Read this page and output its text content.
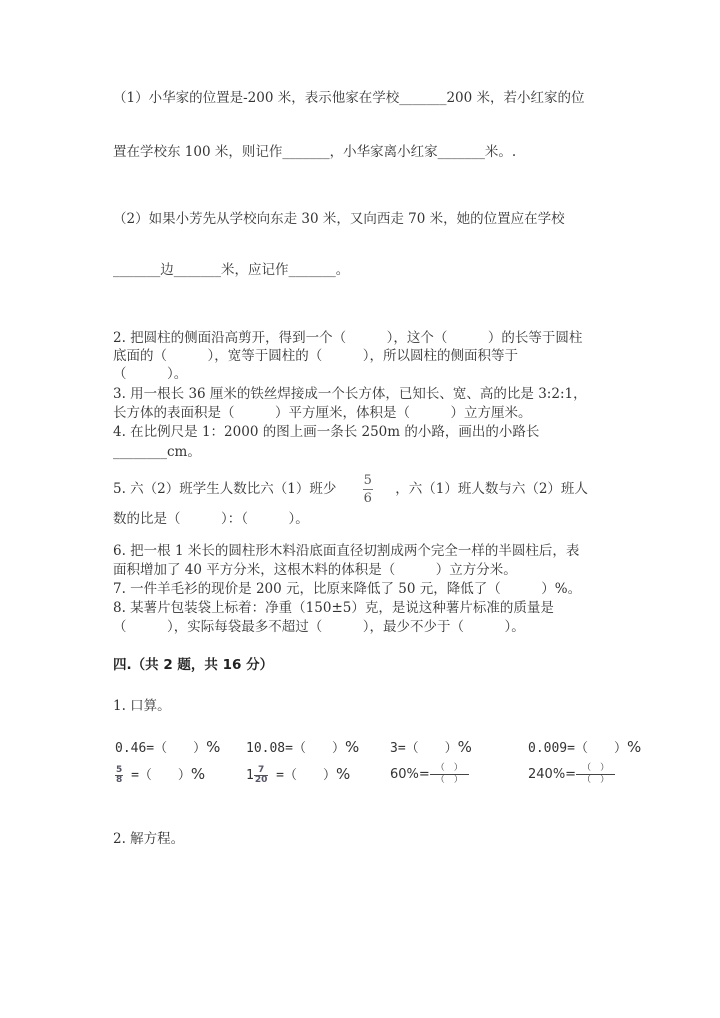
（1）小华家的位置是-200 米，表示他家在学校_______200 米，若小红家的位
置在学校东 100 米，则记作_______，小华家离小红家_______米。.
（2）如果小芳先从学校向东走 30 米，又向西走 70 米，她的位置应在学校
_______边_______米，应记作_______。
2. 把圆柱的侧面沿高剪开，得到一个（　　　），这个（　　　）的长等于圆柱
底面的（　　　），宽等于圆柱的（　　　），所以圆柱的侧面积等于
（　　　）。
3. 用一根长 36 厘米的铁丝焊接成一个长方体，已知长、宽、高的比是 3:2:1，
长方体的表面积是（　　　）平方厘米，体积是（　　　）立方厘米。
4. 在比例尺是 1：2000 的图上画一条长 250m 的小路，画出的小路长
________cm。
5. 六（2）班学生人数比六（1）班少 $\frac{5}{6}$ ，六（1）班人数与六（2）班人
数的比是（　　　）：（　　　）。
6. 把一根 1 米长的圆柱形木料沿底面直径切割成两个完全一样的半圆柱后，表
面积增加了 40 平方分米，这根木料的体积是（　　　）立方分米。
7. 一件羊毛衫的现价是 200 元，比原来降低了 50 元，降低了（　　　）%。
8. 某薯片包装袋上标着：净重（150±5）克，是说这种薯片标准的质量是
（　　　），实际每袋最多不超过（　　　），最少不少于（　　　）。
四.（共 2 题，共 16 分）
1. 口算。
0.46=（　　）% 10.08=（　　）% 3=（　　）%	0.009=（　　）%
$\frac{5}{8}$ =（　　）%	$1 \frac{7}{20}$ =（　　）%	$60\%= \frac{( )}{( )}$	$240\%= \frac{( )}{( )}$
2. 解方程。
